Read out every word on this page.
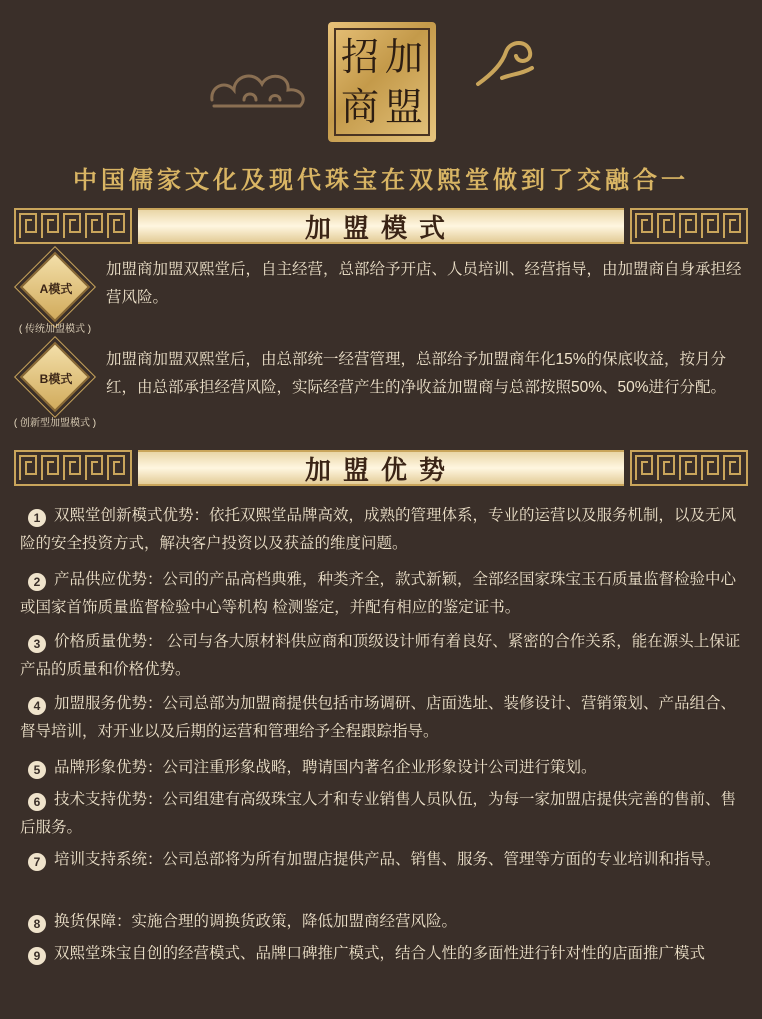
招 加
商 盟
中国儒家文化及现代珠宝在双熙堂做到了交融合一
加盟模式
A模式
( 传统加盟模式 )
加盟商加盟双熙堂后，自主经营，总部给予开店、人员培训、经营指导，由加盟商自身承担经营风险。
B模式
( 创新型加盟模式 )
加盟商加盟双熙堂后，由总部统一经营管理，总部给予加盟商年化15%的保底收益，按月分红，由总部承担经营风险，实际经营产生的净收益加盟商与总部按照50%、50%进行分配。
加盟优势
1 双熙堂创新模式优势：依托双熙堂品牌高效，成熟的管理体系，专业的运营以及服务机制，以及无风险的安全投资方式，解决客户投资以及获益的维度问题。
2 产品供应优势：公司的产品高档典雅，种类齐全，款式新颖，全部经国家珠宝玉石质量监督检验中心或国家首饰质量监督检验中心等机构 检测鉴定，并配有相应的鉴定证书。
3 价格质量优势： 公司与各大原材料供应商和顶级设计师有着良好、紧密的合作关系，能在源头上保证产品的质量和价格优势。
4 加盟服务优势：公司总部为加盟商提供包括市场调研、店面选址、装修设计、营销策划、产品组合、督导培训，对开业以及后期的运营和管理给予全程跟踪指导。
5 品牌形象优势：公司注重形象战略，聘请国内著名企业形象设计公司进行策划。
6 技术支持优势：公司组建有高级珠宝人才和专业销售人员队伍，为每一家加盟店提供完善的售前、售后服务。
7 培训支持系统：公司总部将为所有加盟店提供产品、销售、服务、管理等方面的专业培训和指导。
8 换货保障：实施合理的调换货政策，降低加盟商经营风险。
9 双熙堂珠宝自创的经营模式、品牌口碑推广模式，结合人性的多面性进行针对性的店面推广模式
